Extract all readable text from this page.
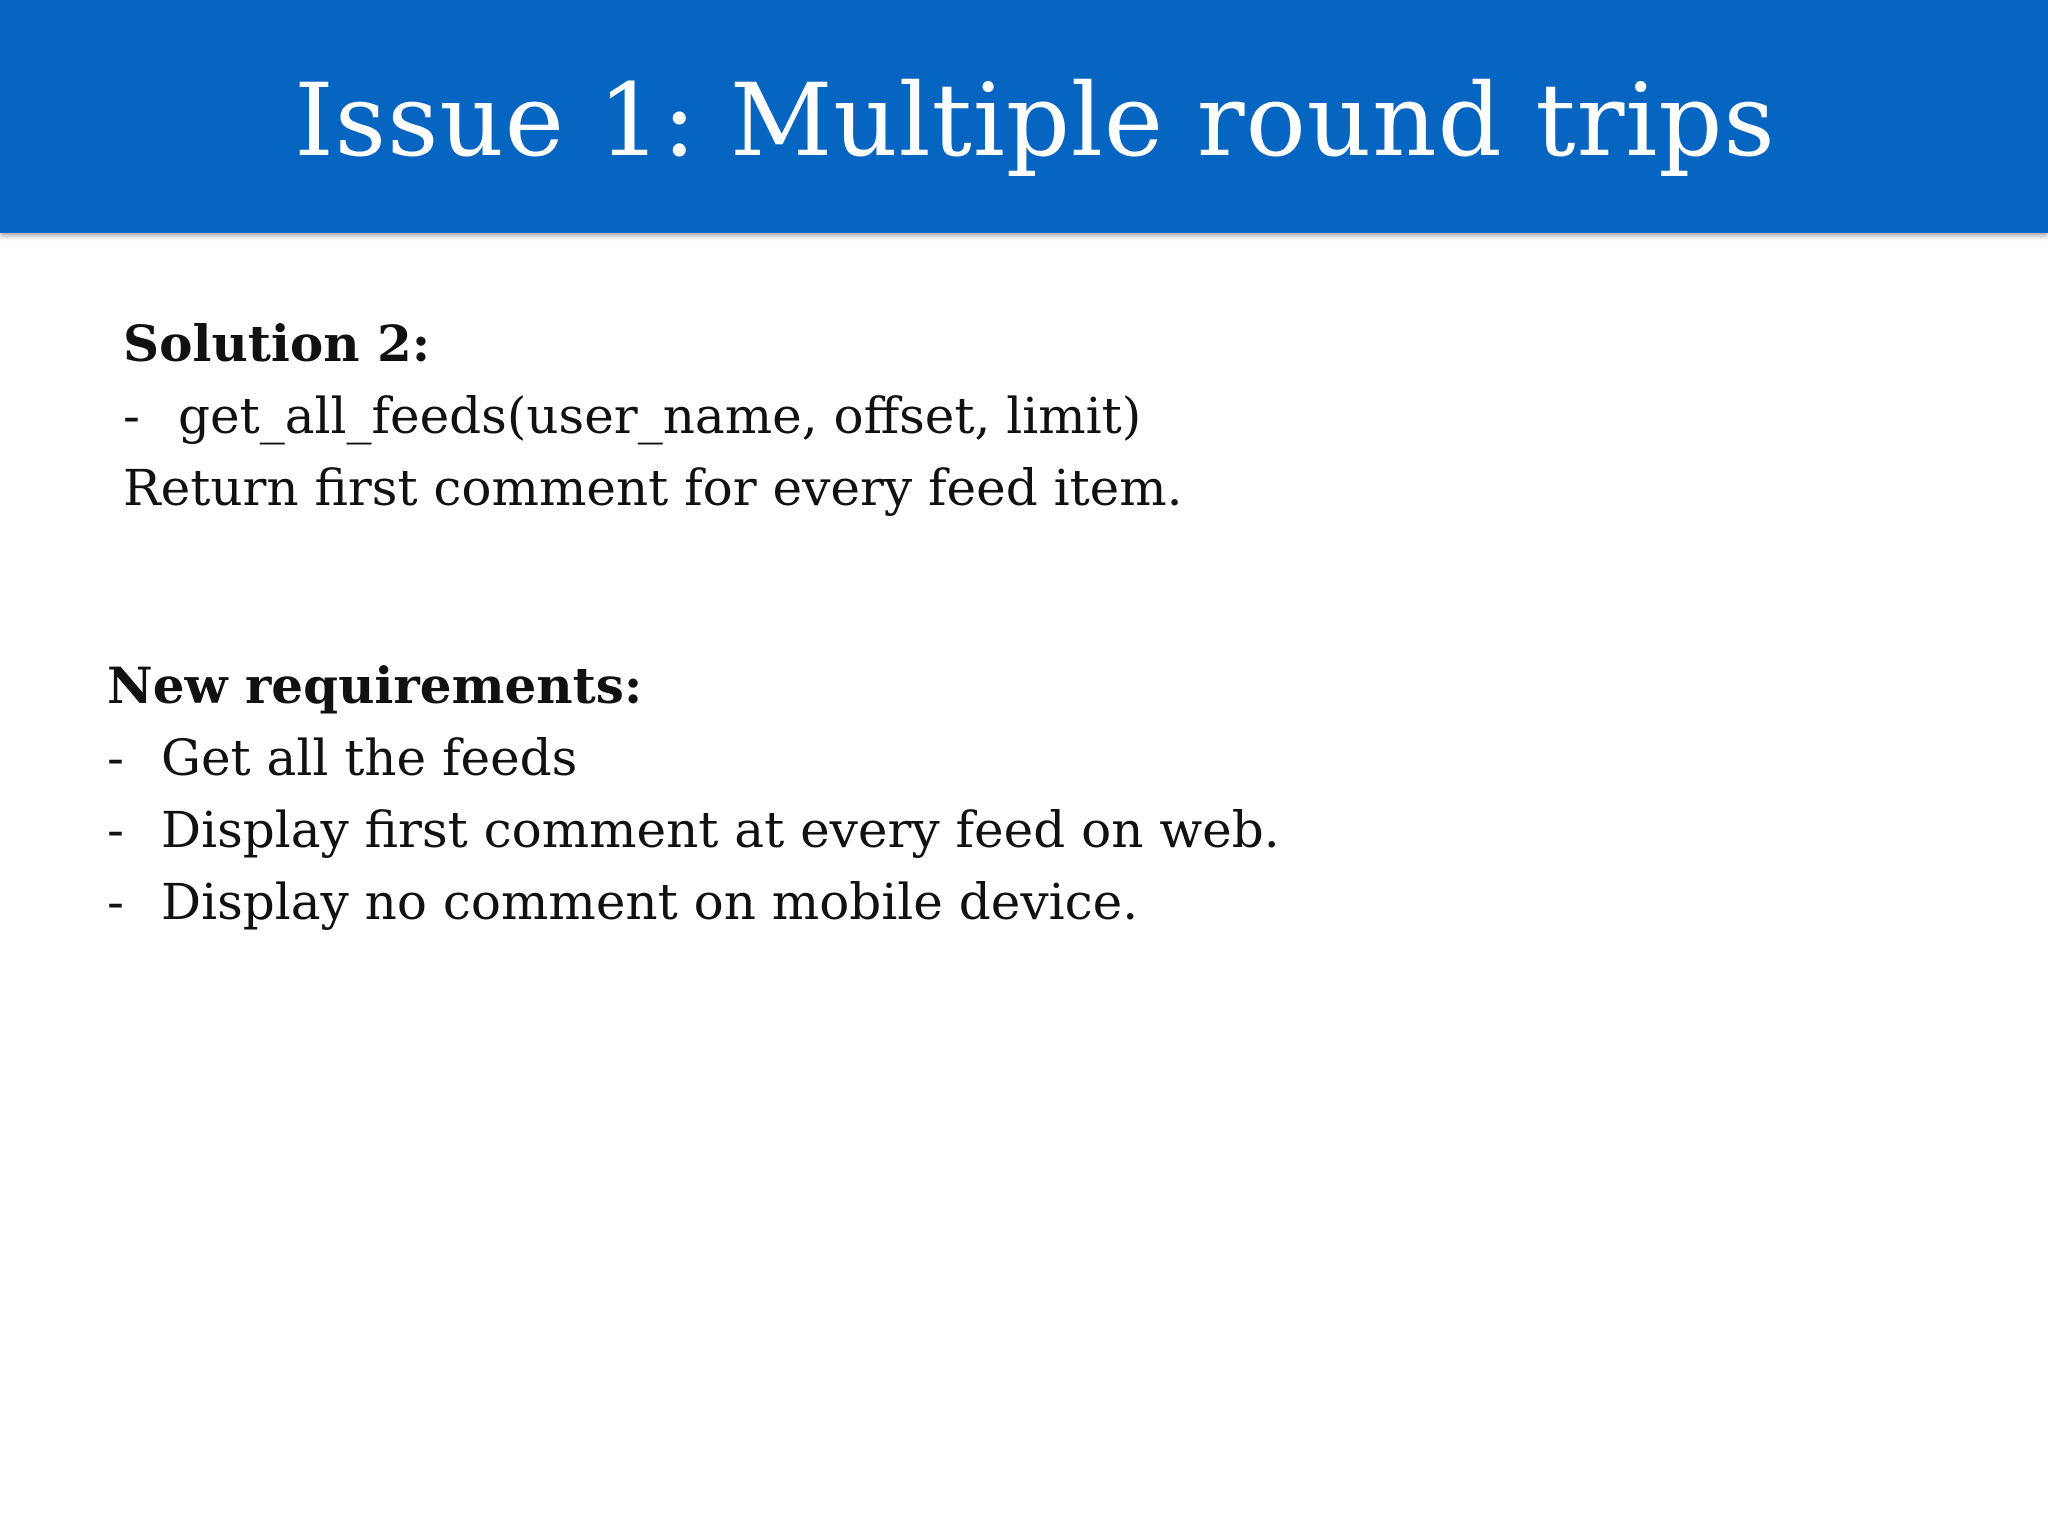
Issue 1: Multiple round trips
Solution 2:
- get_all_feeds(user_name, offset, limit)
Return first comment for every feed item.
New requirements:
- Get all the feeds
- Display first comment at every feed on web.
- Display no comment on mobile device.
